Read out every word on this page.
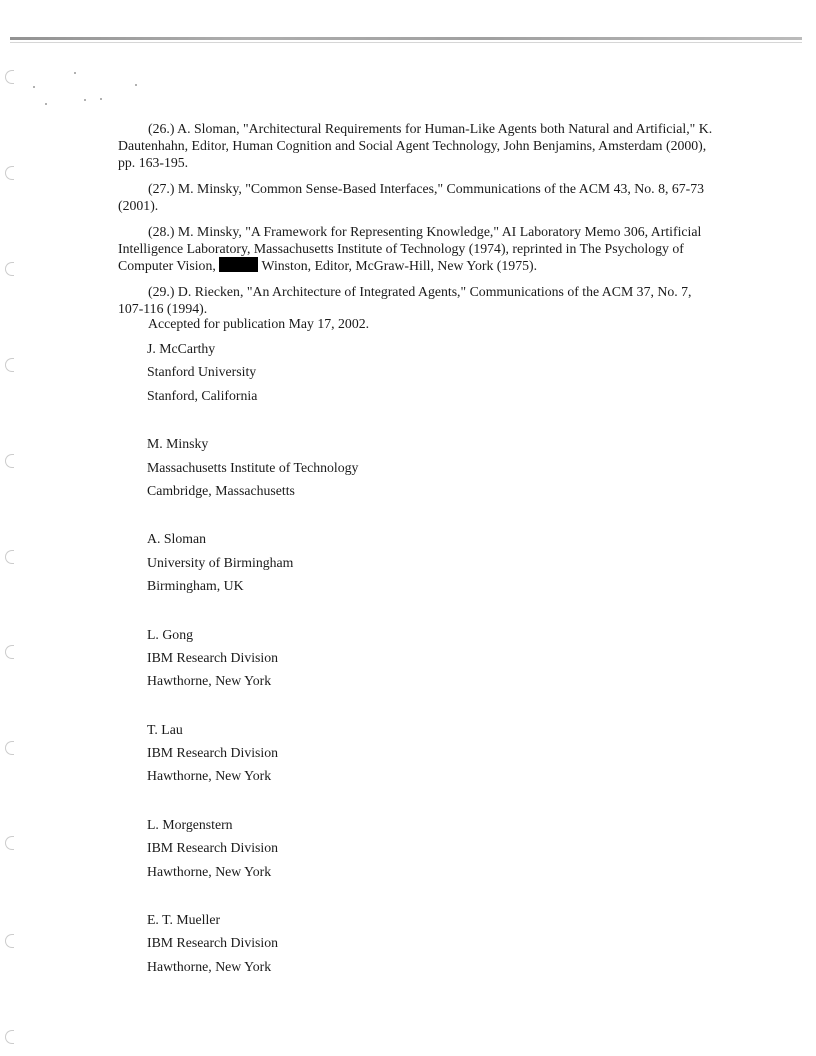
(26.) A. Sloman, "Architectural Requirements for Human-Like Agents both Natural and Artificial," K. Dautenhahn, Editor, Human Cognition and Social Agent Technology, John Benjamins, Amsterdam (2000), pp. 163-195.

(27.) M. Minsky, "Common Sense-Based Interfaces," Communications of the ACM 43, No. 8, 67-73 (2001).

(28.) M. Minsky, "A Framework for Representing Knowledge," AI Laboratory Memo 306, Artificial Intelligence Laboratory, Massachusetts Institute of Technology (1974), reprinted in The Psychology of Computer Vision,	Winston, Editor, McGraw-Hill, New York (1975).

(29.) D. Riecken, "An Architecture of Integrated Agents," Communications of the ACM 37, No. 7, 107-116 (1994).

Accepted for publication May 17, 2002.

J. McCarthy

Stanford University

Stanford, California

M. Minsky

Massachusetts Institute of Technology

Cambridge, Massachusetts

A. Sloman

University of Birmingham

Birmingham, UK

L. Gong

IBM Research Division

Hawthorne, New York

T. Lau

IBM Research Division

Hawthorne, New York

L. Morgenstern

IBM Research Division

Hawthorne, New York

E. T. Mueller

IBM Research Division

Hawthorne, New York
